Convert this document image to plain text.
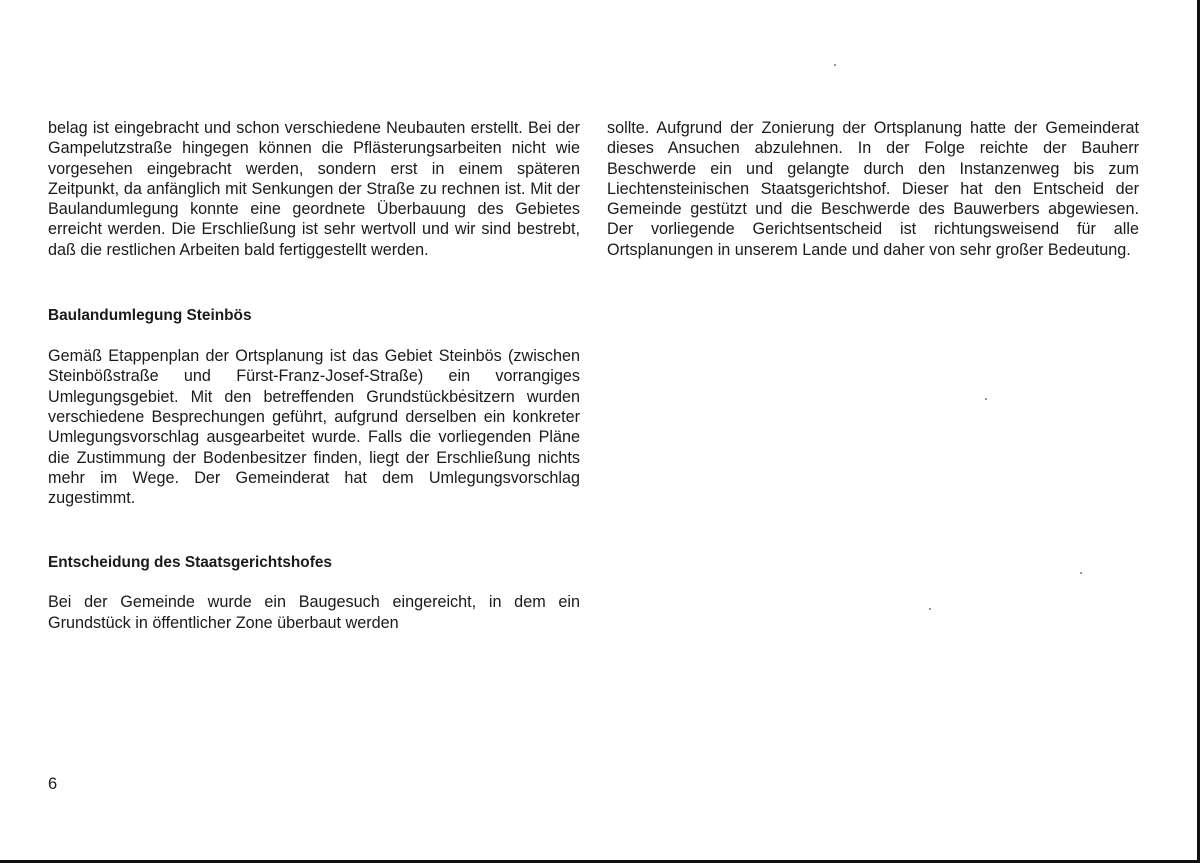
belag ist eingebracht und schon verschiedene Neubauten erstellt. Bei der Gampelutzstraße hingegen können die Pflästerungsarbeiten nicht wie vorgesehen eingebracht werden, sondern erst in einem späteren Zeitpunkt, da anfänglich mit Senkungen der Straße zu rechnen ist. Mit der Baulandumlegung konnte eine geordnete Überbauung des Gebietes erreicht werden. Die Erschließung ist sehr wertvoll und wir sind bestrebt, daß die restlichen Arbeiten bald fertiggestellt werden.

Baulandumlegung Steinbös

Gemäß Etappenplan der Ortsplanung ist das Gebiet Steinbös (zwischen Steinbößstraße und Fürst-Franz-Josef-Straße) ein vorrangiges Umlegungsgebiet. Mit den betreffenden Grundstückbesitzern wurden verschiedene Besprechungen geführt, aufgrund derselben ein konkreter Umlegungsvorschlag ausgearbeitet wurde. Falls die vorliegenden Pläne die Zustimmung der Bodenbesitzer finden, liegt der Erschließung nichts mehr im Wege. Der Gemeinderat hat dem Umlegungsvorschlag zugestimmt.

Entscheidung des Staatsgerichtshofes

Bei der Gemeinde wurde ein Baugesuch eingereicht, in dem ein Grundstück in öffentlicher Zone überbaut werden

sollte. Aufgrund der Zonierung der Ortsplanung hatte der Gemeinderat dieses Ansuchen abzulehnen. In der Folge reichte der Bauherr Beschwerde ein und gelangte durch den Instanzenweg bis zum Liechtensteinischen Staatsgerichtshof. Dieser hat den Entscheid der Gemeinde gestützt und die Beschwerde des Bauwerbers abgewiesen. Der vorliegende Gerichtsentscheid ist richtungsweisend für alle Ortsplanungen in unserem Lande und daher von sehr großer Bedeutung.

6
